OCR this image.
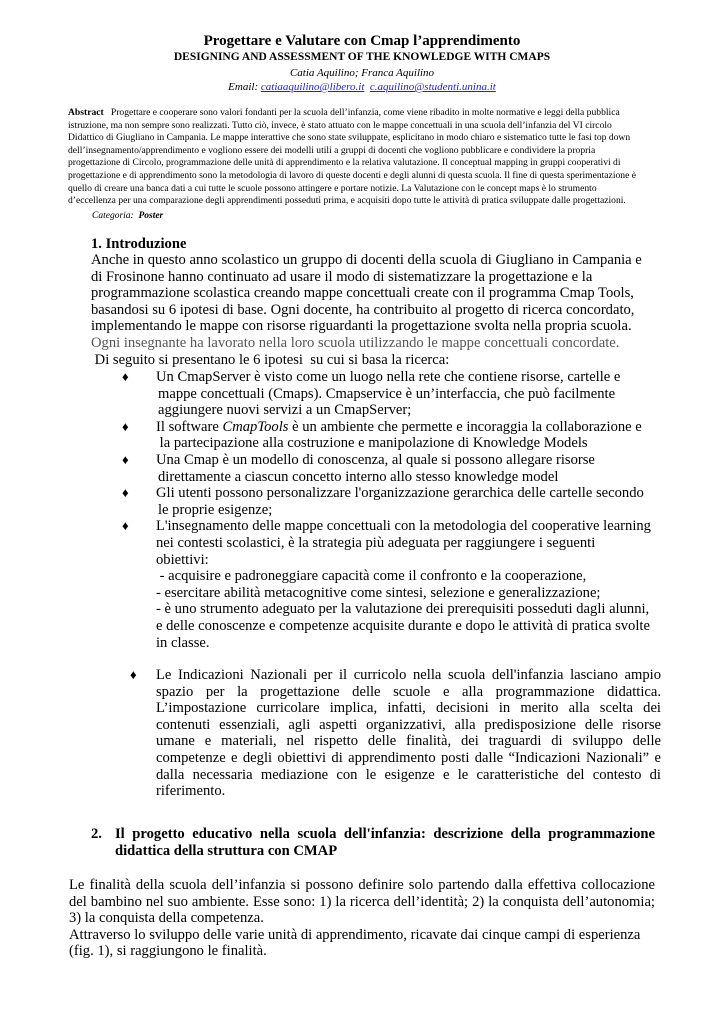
Progettare e Valutare con Cmap l’apprendimento
DESIGNING AND ASSESSMENT OF THE KNOWLEDGE WITH CMAPS
Catia Aquilino; Franca Aquilino
Email: catiaaquilino@libero.it c.aquilino@studenti.unina.it
Abstract Progettare e cooperare sono valori fondanti per la scuola dell’infanzia, come viene ribadito in molte normative e leggi della pubblica
istruzione, ma non sempre sono realizzati. Tutto ciò, invece, è stato attuato con le mappe concettuali in una scuola dell’infanzia del VI circolo
Didattico di Giugliano in Campania. Le mappe interattive che sono state sviluppate, esplicitano in modo chiaro e sistematico tutte le fasi top down
dell’insegnamento/apprendimento e vogliono essere dei modelli utili a gruppi di docenti che vogliono pubblicare e condividere la propria
progettazione di Circolo, programmazione delle unità di apprendimento e la relativa valutazione. Il conceptual mapping in gruppi cooperativi di
progettazione e di apprendimento sono la metodologia di lavoro di queste docenti e degli alunni di questa scuola. Il fine di questa sperimentazione è
quello di creare una banca dati a cui tutte le scuole possono attingere e portare notizie. La Valutazione con le concept maps è lo strumento
d’eccellenza per una comparazione degli apprendimenti posseduti prima, e acquisiti dopo tutte le attività di pratica sviluppate dalle progettazioni.
Categoria: Poster
1. Introduzione
Anche in questo anno scolastico un gruppo di docenti della scuola di Giugliano in Campania e
di Frosinone hanno continuato ad usare il modo di sistematizzare la progettazione e la
programmazione scolastica creando mappe concettuali create con il programma Cmap Tools,
basandosi su 6 ipotesi di base. Ogni docente, ha contribuito al progetto di ricerca concordato,
implementando le mappe con risorse riguardanti la progettazione svolta nella propria scuola.
Ogni insegnante ha lavorato nella loro scuola utilizzando le mappe concettuali concordate.
Di seguito si presentano le 6 ipotesi  su cui si basa la ricerca:
♦ Un CmapServer è visto come un luogo nella rete che contiene risorse, cartelle e
mappe concettuali (Cmaps). Cmapservice è un’interfaccia, che può facilmente
aggiungere nuovi servizi a un CmapServer;
♦ Il software CmapTools è un ambiente che permette e incoraggia la collaborazione e
la partecipazione alla costruzione e manipolazione di Knowledge Models
♦ Una Cmap è un modello di conoscenza, al quale si possono allegare risorse
direttamente a ciascun concetto interno allo stesso knowledge model
♦ Gli utenti possono personalizzare l'organizzazione gerarchica delle cartelle secondo
le proprie esigenze;
♦ L'insegnamento delle mappe concettuali con la metodologia del cooperative learning
nei contesti scolastici, è la strategia più adeguata per raggiungere i seguenti
obiettivi:
- acquisire e padroneggiare capacità come il confronto e la cooperazione,
- esercitare abilità metacognitive come sintesi, selezione e generalizzazione;
- è uno strumento adeguato per la valutazione dei prerequisiti posseduti dagli alunni,
e delle conoscenze e competenze acquisite durante e dopo le attività di pratica svolte
in classe.
♦ Le Indicazioni Nazionali per il curricolo nella scuola dell'infanzia lasciano ampio
spazio per la progettazione delle scuole e alla programmazione didattica.
L’impostazione curricolare implica, infatti, decisioni in merito alla scelta dei
contenuti essenziali, agli aspetti organizzativi, alla predisposizione delle risorse
umane e materiali, nel rispetto delle finalità, dei traguardi di sviluppo delle
competenze e degli obiettivi di apprendimento posti dalle “Indicazioni Nazionali” e
dalla necessaria mediazione con le esigenze e le caratteristiche del contesto di
riferimento.
2. Il progetto educativo nella scuola dell'infanzia: descrizione della programmazione
didattica della struttura con CMAP
Le finalità della scuola dell’infanzia si possono definire solo partendo dalla effettiva collocazione
del bambino nel suo ambiente. Esse sono: 1) la ricerca dell’identità; 2) la conquista dell’autonomia;
3) la conquista della competenza.
Attraverso lo sviluppo delle varie unità di apprendimento, ricavate dai cinque campi di esperienza
(fig. 1), si raggiungono le finalità.
